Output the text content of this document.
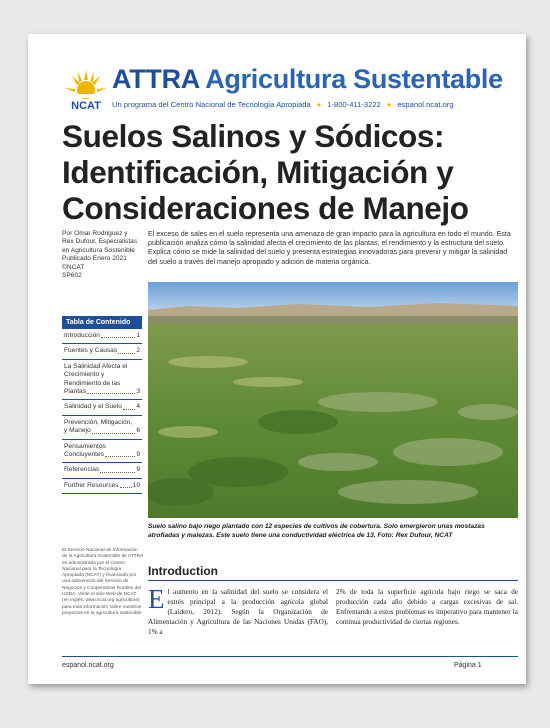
NCAT
ATTRA Agricultura Sustentable
Un programa del Centro Nacional de Tecnología Apropiada ● 1-800-411-3222 ● espanol.ncat.org
Suelos Salinos y Sódicos:
Identificación, Mitigación y
Consideraciones de Manejo
Por Omar Rodriguez y
Rex Dufour, Especialistas
en Agricultura Sostenible
Publicado Enero 2021
©NCAT
SP602
El exceso de sales en el suelo representa una amenaza de gran impacto para la agricultura en todo el mundo. Esta publicación analiza cómo la salinidad afecta el crecimiento de las plantas, el rendimiento y la estructura del suelo. Explica cómo se mide la salinidad del suelo y presenta estrategias innovadoras para prevenir y mitigar la salinidad del suelo a través del manejo apropiado y adición de materia orgánica.
Suelo salino bajo riego plantado con 12 especies de cultivos de cobertura. Solo emergieron unas mostazas atrofiadas y malezas. Este suelo tiene una conductividad eléctrica de 13. Foto: Rex Dufour, NCAT
Tabla de Contenido
Introducción	1
Fuentes y Causas	2
La Salinidad Afecta el Crecimiento y Rendimiento de las
Plantas	3
Salinidad y el Suelo 4
Prevención, Mitigación,
y Manejo	6
Pensamientos
Concluyentes	9
Referencias	9
Further Resources 10
El Servicio Nacional de Información de la Agricultura Sostenible de ATTRA es administrado por el Centro Nacional para la Tecnología Apropiada (NCAT) y financiado por una subvención del Servicio de Negocios y Cooperativas Rurales del USDA. Visite el sitio Web de NCAT (en inglés: www.ncat.org agriculture) para más información sobre nuestros proyectos en la agricultura sostenible.
Introduction
El aumento en la salinidad del suelo se considera el estrés principal a la producción agrícola global (Laidero, 2012). Según la Organización de Alimentación y Agricultura de las Naciones Unidas (FAO), 1% a
2% de toda la superficie agrícola bajo riego se saca de producción cada año debido a cargas excesivas de sal. Enfrentando a estos problemas es imperativo para mantener la continua productividad de ciertas regiones.
espanol.ncat.org	Página 1
